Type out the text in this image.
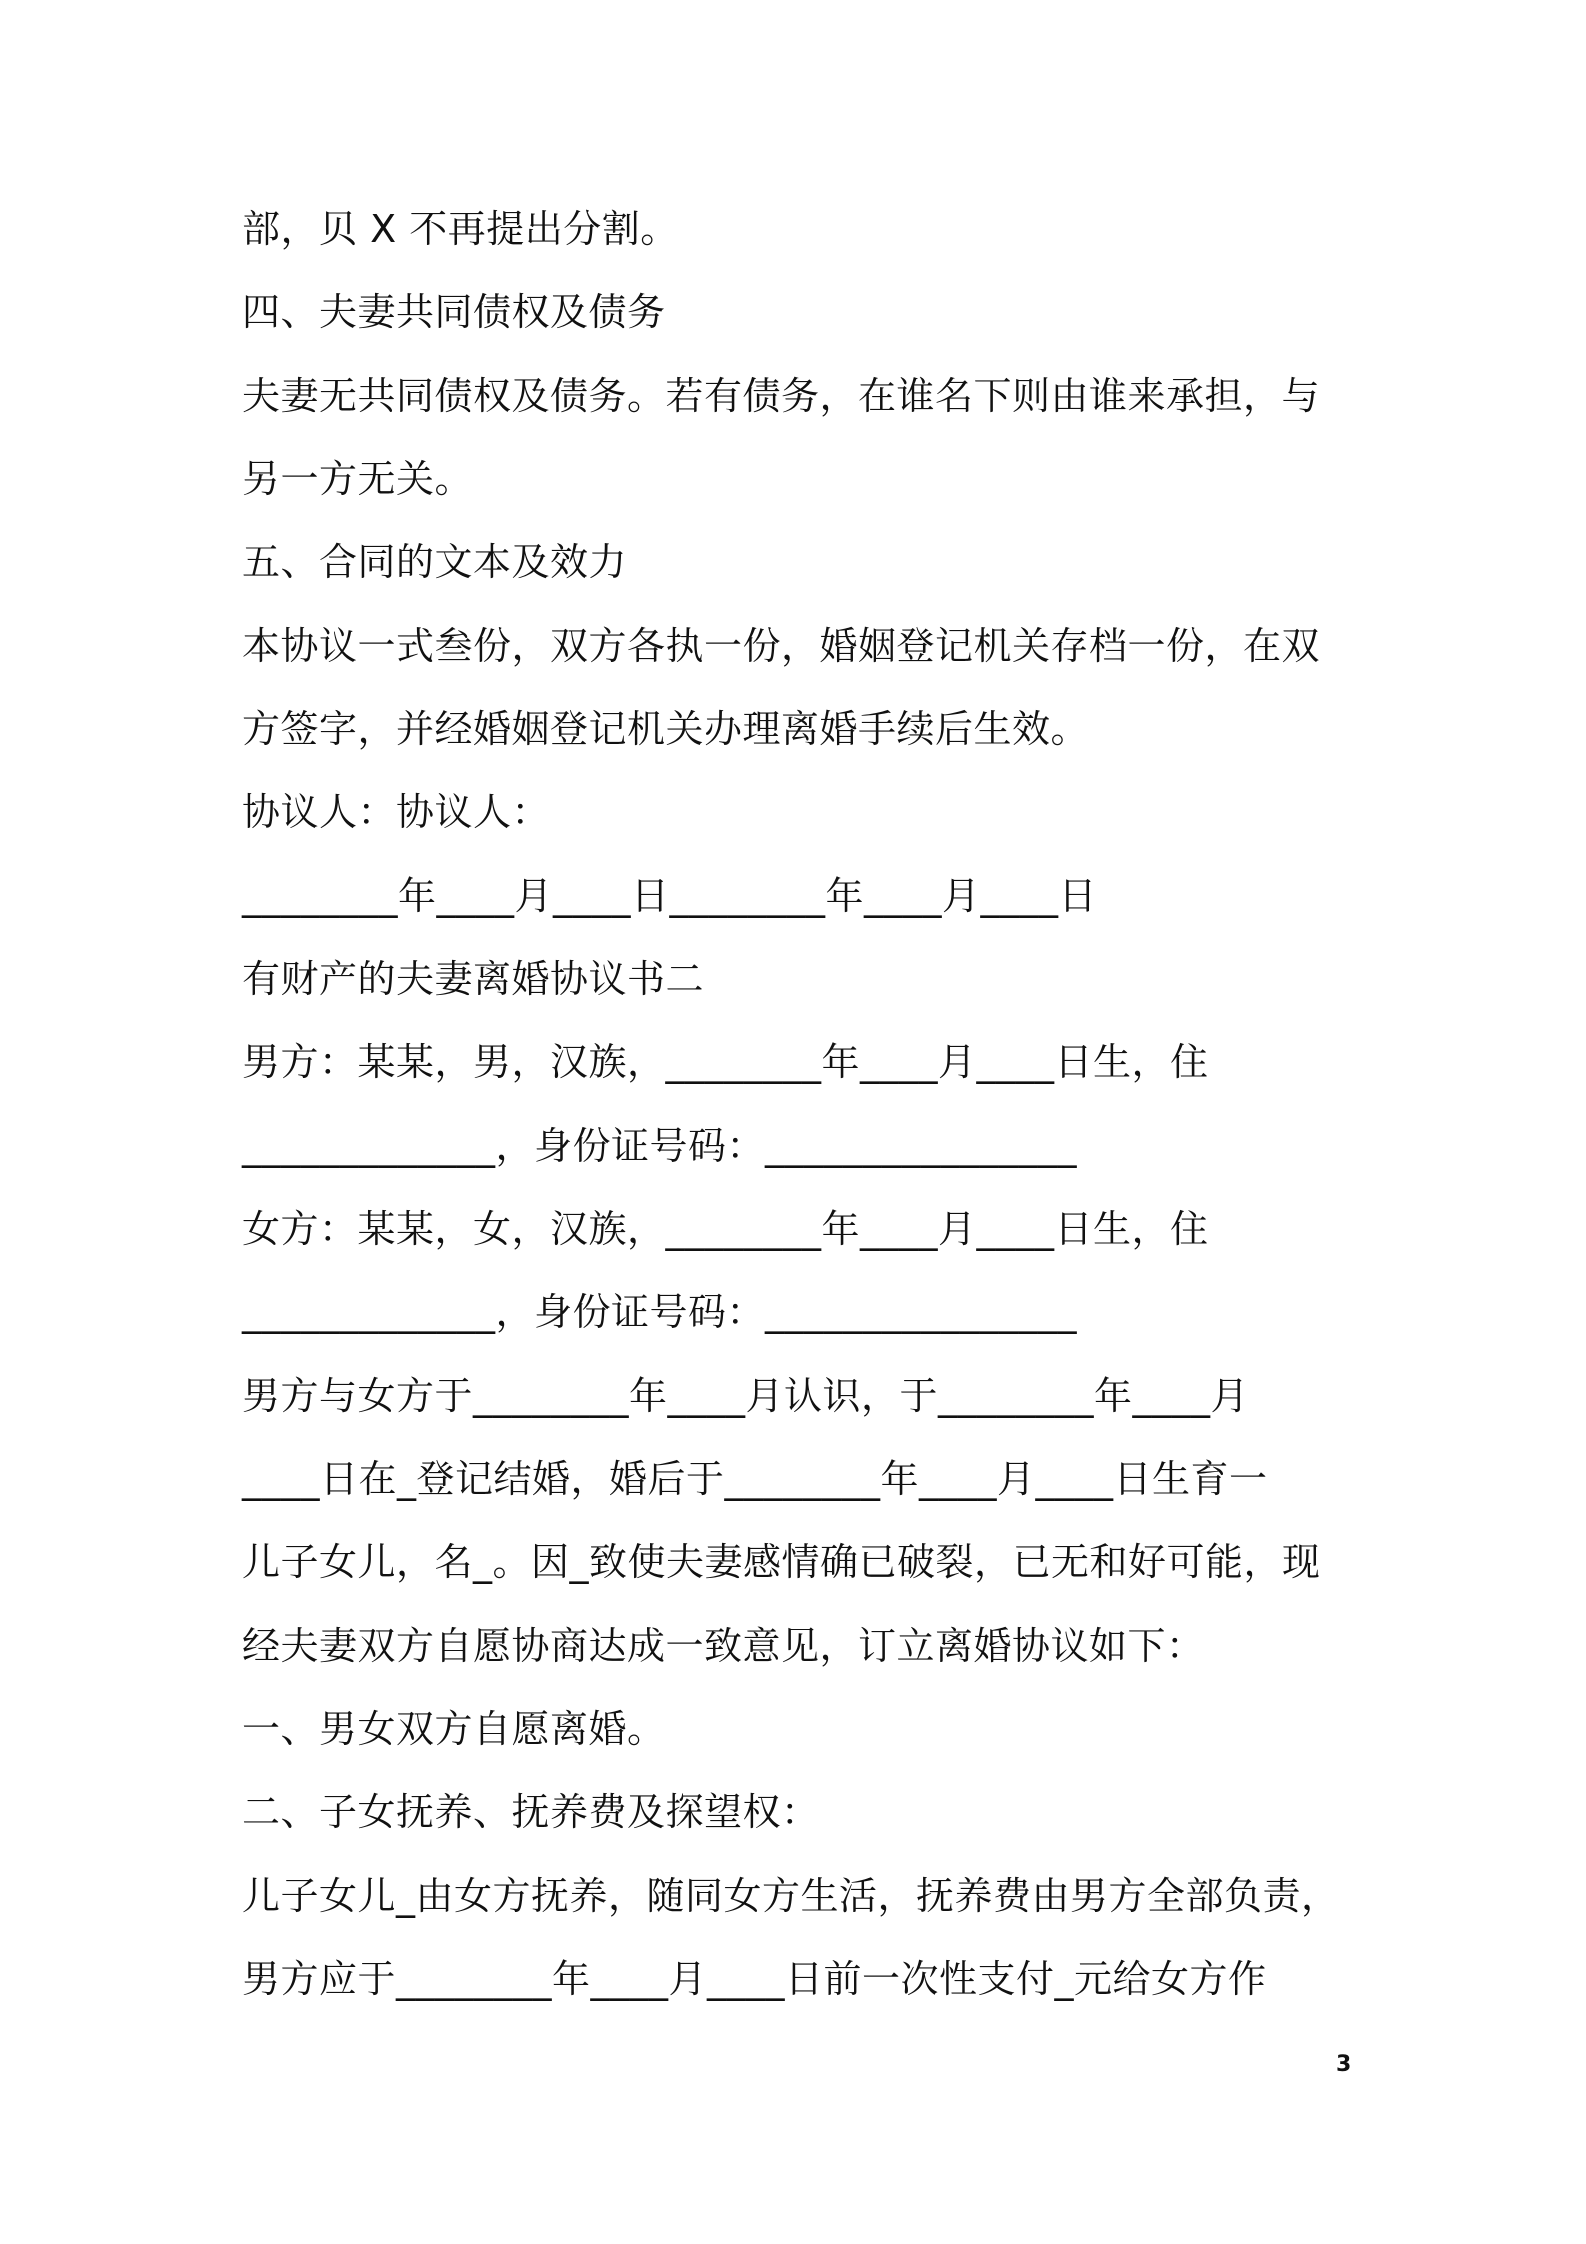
部，贝 X 不再提出分割。
四、夫妻共同债权及债务
夫妻无共同债权及债务。若有债务，在谁名下则由谁来承担，与
另一方无关。
五、合同的文本及效力
本协议一式叁份，双方各执一份，婚姻登记机关存档一份，在双
方签字，并经婚姻登记机关办理离婚手续后生效。
协议人：协议人：
________年____月____日________年____月____日
有财产的夫妻离婚协议书二
男方：某某，男，汉族，________年____月____日生，住
_____________，身份证号码：________________
女方：某某，女，汉族，________年____月____日生，住
_____________，身份证号码：________________
男方与女方于________年____月认识，于________年____月
____日在_登记结婚，婚后于________年____月____日生育一
儿子女儿，名_。因_致使夫妻感情确已破裂，已无和好可能，现
经夫妻双方自愿协商达成一致意见，订立离婚协议如下：
一、男女双方自愿离婚。
二、子女抚养、抚养费及探望权：
儿子女儿_由女方抚养，随同女方生活，抚养费由男方全部负责，
男方应于________年____月____日前一次性支付_元给女方作
3
